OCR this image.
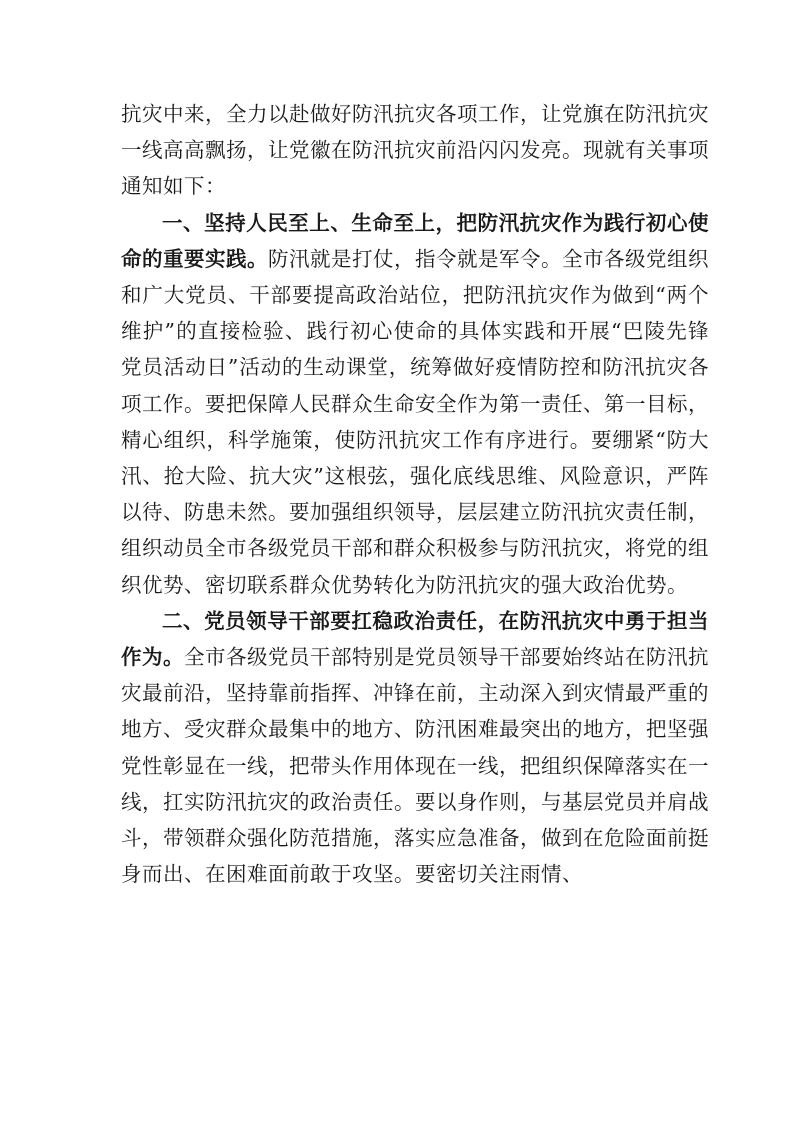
抗灾中来，全力以赴做好防汛抗灾各项工作，让党旗在防汛抗灾一线高高飘扬，让党徽在防汛抗灾前沿闪闪发亮。现就有关事项通知如下：

一、坚持人民至上、生命至上，把防汛抗灾作为践行初心使命的重要实践。防汛就是打仗，指令就是军令。全市各级党组织和广大党员、干部要提高政治站位，把防汛抗灾作为做到“两个维护”的直接检验、践行初心使命的具体实践和开展“巴陵先锋党员活动日”活动的生动课堂，统筹做好疫情防控和防汛抗灾各项工作。要把保障人民群众生命安全作为第一责任、第一目标，精心组织，科学施策，使防汛抗灾工作有序进行。要绷紧“防大汛、抢大险、抗大灾”这根弦，强化底线思维、风险意识，严阵以待、防患未然。要加强组织领导，层层建立防汛抗灾责任制，组织动员全市各级党员干部和群众积极参与防汛抗灾，将党的组织优势、密切联系群众优势转化为防汛抗灾的强大政治优势。

二、党员领导干部要扛稳政治责任，在防汛抗灾中勇于担当作为。全市各级党员干部特别是党员领导干部要始终站在防汛抗灾最前沿，坚持靠前指挥、冲锋在前，主动深入到灾情最严重的地方、受灾群众最集中的地方、防汛困难最突出的地方，把坚强党性彰显在一线，把带头作用体现在一线，把组织保障落实在一线，扛实防汛抗灾的政治责任。要以身作则，与基层党员并肩战斗，带领群众强化防范措施，落实应急准备，做到在危险面前挺身而出、在困难面前敢于攻坚。要密切关注雨情、
